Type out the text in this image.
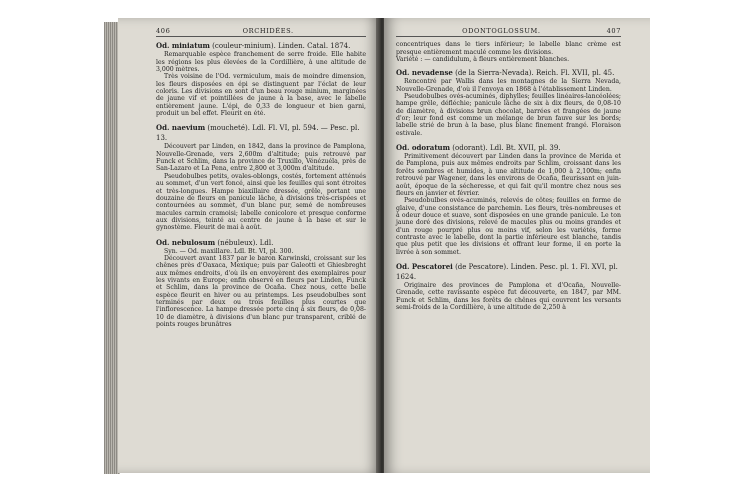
406	ORCHIDÉES.
Od. miniatum (couleur-minium). Linden. Catal. 1874.

Remarquable espèce franchement de serre froide. Elle habite les régions les plus élevées de la Cordillière, à une altitude de 3,000 mètres.

Très voisine de l'Od. vermiculum, mais de moindre dimension, les fleurs disposées en épi se distinguent par l'éclat de leur coloris. Les divisions en sont d'un beau rouge minium, marginées de jaune vif et pointillées de jaune à la base, avec le labelle entièrement jaune. L'épi, de 0,33 de longueur et bien garni, produit un bel effet. Fleurit en été.

Od. naevium (moucheté). Ldl. Fl. VI, pl. 594. — Pesc. pl. 13.

Découvert par Linden, en 1842, dans la province de Pamplona, Nouvelle-Grenade, vers 2,600m d'altitude; puis retrouvé par Funck et Schlim, dans la province de Truxillo, Vénézuéla, près de San-Lazaro et La Pena, entre 2,800 et 3,000m d'altitude.

Pseudobulbes petits, ovales-oblongs, costés, fortement atténués au sommet, d'un vert foncé, ainsi que les feuilles qui sont étroites et très-longues. Hampe biaxillaire dressée, grêle, portant une douzaine de fleurs en panicule lâche, à divisions très-crispées et contournées au sommet, d'un blanc pur, semé de nombreuses macules carmin cramoisi; labelle conicolore et presque conforme aux divisions, teinté au centre de jaune à la base et sur le gynostème. Fleurit de mai à août.

Od. nebulosum (nébuleux). Ldl.

Syn. — Od. maxillare. Ldl. Bt. VI, pl. 300.

Découvert avant 1837 par le baron Karwinski, croissant sur les chênes près d'Oaxaca, Mexique; puis par Galeotti et Ghiesbreght aux mêmes endroits, d'où ils en envoyèrent des exemplaires pour les vivants en Europe; enfin observé en fleurs par Linden, Funck et Schlim, dans la province de Ocaña. Chez nous, cette belle espèce fleurit en hiver ou au printemps. Les pseudobulbes sont terminés par deux ou trois feuilles plus courtes que l'inflorescence. La hampe dressée porte cinq à six fleurs, de 0,08-10 de diamètre, à divisions d'un blanc pur transparent, criblé de points rouges brunâtres

ODONTOGLOSSUM.	407

concentriques dans le tiers inférieur; le labelle blanc crème est presque entièrement maculé comme les divisions.

Variété : — candidulum, à fleurs entièrement blanches.

Od. nevadense (de la Sierra-Nevada). Reich. Fl. XVII, pl. 45.

Rencontré par Wallis dans les montagnes de la Sierra Nevada, Nouvelle-Grenade, d'où il l'envoya en 1868 à l'établissement Linden.

Pseudobulbes ovés-acuminés, diphylles; feuilles linéaires-lancéolées; hampe grêle, défléchie; panicule lâche de six à dix fleurs, de 0,08-10 de diamètre, à divisions brun chocolat, barrées et frangées de jaune d'or; leur fond est comme un mélange de brun fauve sur les bords; labelle strié de brun à la base, plus blanc finement frangé. Floraison estivale.

Od. odoratum (odorant). Ldl. Bt. XVII, pl. 39.

Primitivement découvert par Linden dans la province de Merida et de Pamplona, puis aux mêmes endroits par Schlim, croissant dans les forêts sombres et humides, à une altitude de 1,000 à 2,100m; enfin retrouvé par Wagener, dans les environs de Ocaña, fleurissant en juin-août, époque de la sécheresse, et qui fait qu'il montre chez nous ses fleurs en janvier et février.

Pseudobulbes ovés-acuminés, relevés de côtes; feuilles en forme de glaive, d'une consistance de parchemin. Les fleurs, très-nombreuses et à odeur douce et suave, sont disposées en une grande panicule. Le ton jaune doré des divisions, relevé de macules plus ou moins grandes et d'un rouge pourpré plus ou moins vif, selon les variétés, forme contraste avec le labelle, dont la partie inférieure est blanche, tandis que plus petit que les divisions et offrant leur forme, il en porte la livrée à son sommet.

Od. Pescatorei (de Pescatore). Linden. Pesc. pl. 1. Fl. XVI, pl. 1624.

Originaire des provinces de Pamplona et d'Ocaña, Nouvelle-Grenade, cette ravissante espèce fut découverte, en 1847, par MM. Funck et Schlim, dans les forêts de chênes qui couvrent les versants semi-froids de la Cordillière, à une altitude de 2,250 à
